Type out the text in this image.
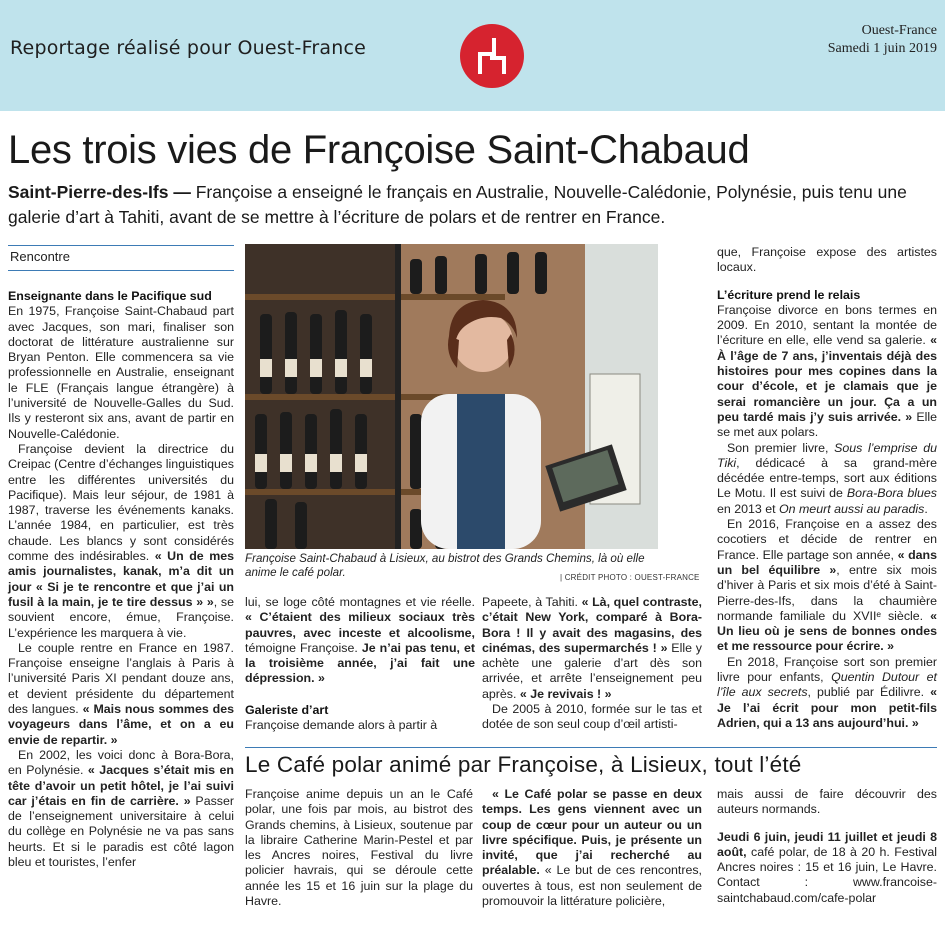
Reportage réalisé pour Ouest-France
Ouest-France
Samedi 1 juin 2019
Les trois vies de Françoise Saint-Chabaud
Saint-Pierre-des-Ifs — Françoise a enseigné le français en Australie, Nouvelle-Calédonie, Polynésie, puis tenu une galerie d’art à Tahiti, avant de se mettre à l’écriture de polars et de rentrer en France.
Rencontre
Enseignante dans le Pacifique sud

En 1975, Françoise Saint-Chabaud part avec Jacques, son mari, finaliser son doctorat de littérature australienne sur Bryan Penton. Elle commencera sa vie professionnelle en Australie, enseignant le FLE (Français langue étrangère) à l’université de Nouvelle-Galles du Sud. Ils y resteront six ans, avant de partir en Nouvelle-Calédonie.

Françoise devient la directrice du Creipac (Centre d’échanges linguistiques entre les différentes universités du Pacifique). Mais leur séjour, de 1981 à 1987, traverse les événements kanaks. L’année 1984, en particulier, est très chaude. Les blancs y sont considérés comme des indésirables. « Un de mes amis journalistes, kanak, m’a dit un jour « Si je te rencontre et que j’ai un fusil à la main, je te tire dessus » », se souvient encore, émue, Françoise. L’expérience les marquera à vie.

Le couple rentre en France en 1987. Françoise enseigne l’anglais à Paris à l’université Paris XI pendant douze ans, et devient présidente du département des langues. « Mais nous sommes des voyageurs dans l’âme, et on a eu envie de repartir. »

En 2002, les voici donc à Bora-Bora, en Polynésie. « Jacques s’était mis en tête d’avoir un petit hôtel, je l’ai suivi car j’étais en fin de carrière. » Passer de l’enseignement universitaire à celui du collège en Polynésie ne va pas sans heurts. Et si le paradis est côté lagon bleu et touristes, l’enfer

Françoise Saint-Chabaud à Lisieux, au bistrot des Grands Chemins, là où elle anime le café polar.	| CRÉDIT PHOTO : OUEST-FRANCE

lui, se loge côté montagnes et vie réelle. « C’étaient des milieux sociaux très pauvres, avec inceste et alcoolisme, témoigne Françoise. Je n’ai pas tenu, et la troisième année, j’ai fait une dépression. »

Galeriste d’art

Françoise demande alors à partir à

Papeete, à Tahiti. « Là, quel contraste, c’était New York, comparé à Bora-Bora ! Il y avait des magasins, des cinémas, des supermarchés ! » Elle y achète une galerie d’art dès son arrivée, et arrête l’enseignement peu après. « Je revivais ! »

De 2005 à 2010, formée sur le tas et dotée de son seul coup d’œil artisti-

que, Françoise expose des artistes locaux.

L’écriture prend le relais

Françoise divorce en bons termes en 2009. En 2010, sentant la montée de l’écriture en elle, elle vend sa galerie. « À l’âge de 7 ans, j’inventais déjà des histoires pour mes copines dans la cour d’école, et je clamais que je serai romancière un jour. Ça a un peu tardé mais j’y suis arrivée. » Elle se met aux polars.

Son premier livre, Sous l’emprise du Tiki, dédicacé à sa grand-mère décédée entre-temps, sort aux éditions Le Motu. Il est suivi de Bora-Bora blues en 2013 et On meurt aussi au paradis.

En 2016, Françoise en a assez des cocotiers et décide de rentrer en France. Elle partage son année, « dans un bel équilibre », entre six mois d’hiver à Paris et six mois d’été à Saint-Pierre-des-Ifs, dans la chaumière normande familiale du XVIIᵉ siècle. « Un lieu où je sens de bonnes ondes et me ressource pour écrire. »

En 2018, Françoise sort son premier livre pour enfants, Quentin Dutour et l’île aux secrets, publié par Édilivre. « Je l’ai écrit pour mon petit-fils Adrien, qui a 13 ans aujourd’hui. »

Le Café polar animé par Françoise, à Lisieux, tout l’été

Françoise anime depuis un an le Café polar, une fois par mois, au bistrot des Grands chemins, à Lisieux, soutenue par la libraire Catherine Marin-Pestel et par les Ancres noires, Festival du livre policier havrais, qui se déroule cette année les 15 et 16 juin sur la plage du Havre.

« Le Café polar se passe en deux temps. Les gens viennent avec un coup de cœur pour un auteur ou un livre spécifique. Puis, je présente un invité, que j’ai recherché au préalable. « Le but de ces rencontres, ouvertes à tous, est non seulement de promouvoir la littérature policière,

mais aussi de faire découvrir des auteurs normands.

Jeudi 6 juin, jeudi 11 juillet et jeudi 8 août, café polar, de 18 à 20 h. Festival Ancres noires : 15 et 16 juin, Le Havre. Contact : www.francoise-saintchabaud.com/cafe-polar
